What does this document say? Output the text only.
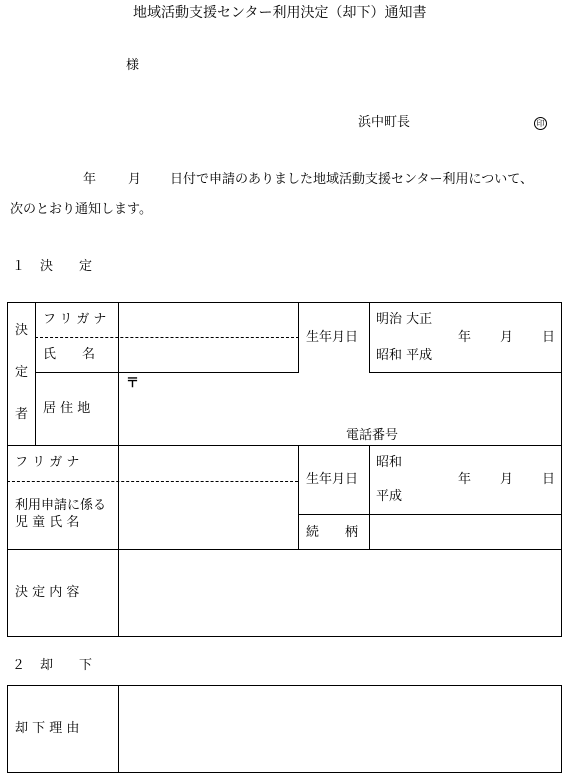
地域活動支援センター利用決定（却下）通知書
様
浜中町長	印
年 月 日付で申請のありました地域活動支援センター利用について、
次のとおり通知します。
１ 決　　定
決
定
者
フリガナ
氏　　名
居 住 地
生年月日
明治 大正
昭和 平成
年 月 日
〒
電話番号
フ リ ガ ナ
利用申請に係る
児 童 氏 名
生年月日
昭和
平成
年 月 日
続　　柄
決 定 内 容
２ 却　　下
却 下 理 由
